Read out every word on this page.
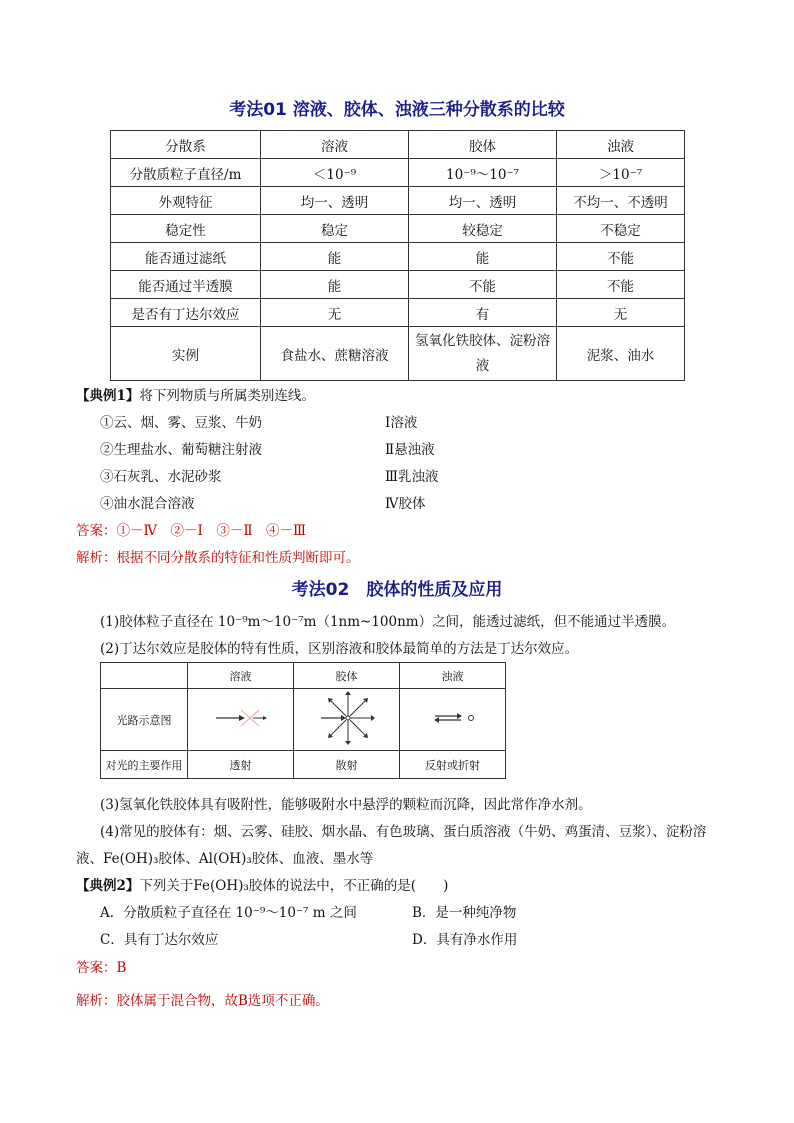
考法01 溶液、胶体、浊液三种分散系的比较
分散系	溶液	胶体	浊液
分散质粒子直径/m	＜10⁻⁹	10⁻⁹～10⁻⁷	＞10⁻⁷
外观特征	均一、透明	均一、透明	不均一、不透明
稳定性	稳定	较稳定	不稳定
能否通过滤纸	能	能	不能
能否通过半透膜	能	不能	不能
是否有丁达尔效应	无	有	无
实例	食盐水、蔗糖溶液	氢氧化铁胶体、淀粉溶液	泥浆、油水
【典例1】将下列物质与所属类别连线。
①云、烟、雾、豆浆、牛奶	Ⅰ溶液
②生理盐水、葡萄糖注射液	Ⅱ悬浊液
③石灰乳、水泥砂浆	Ⅲ乳浊液
④油水混合溶液	Ⅳ胶体
答案：①－Ⅳ　②－Ⅰ　③－Ⅱ　④－Ⅲ
解析：根据不同分散系的特征和性质判断即可。
考法02　胶体的性质及应用
(1)胶体粒子直径在 10⁻⁹m～10⁻⁷m（1nm~100nm）之间，能透过滤纸，但不能通过半透膜。
(2)丁达尔效应是胶体的特有性质，区别溶液和胶体最简单的方法是丁达尔效应。
	溶液	胶体	浊液
光路示意图			
对光的主要作用	透射	散射	反射或折射
(3)氢氧化铁胶体具有吸附性，能够吸附水中悬浮的颗粒而沉降，因此常作净水剂。
(4)常见的胶体有：烟、云雾、硅胶、烟水晶、有色玻璃、蛋白质溶液（牛奶、鸡蛋清、豆浆）、淀粉溶
液、Fe(OH)₃胶体、Al(OH)₃胶体、血液、墨水等
【典例2】下列关于Fe(OH)₃胶体的说法中，不正确的是(　　)
A．分散质粒子直径在 10⁻⁹～10⁻⁷ m 之间	B．是一种纯净物
C．具有丁达尔效应	D．具有净水作用
答案：B
解析：胶体属于混合物，故B选项不正确。
